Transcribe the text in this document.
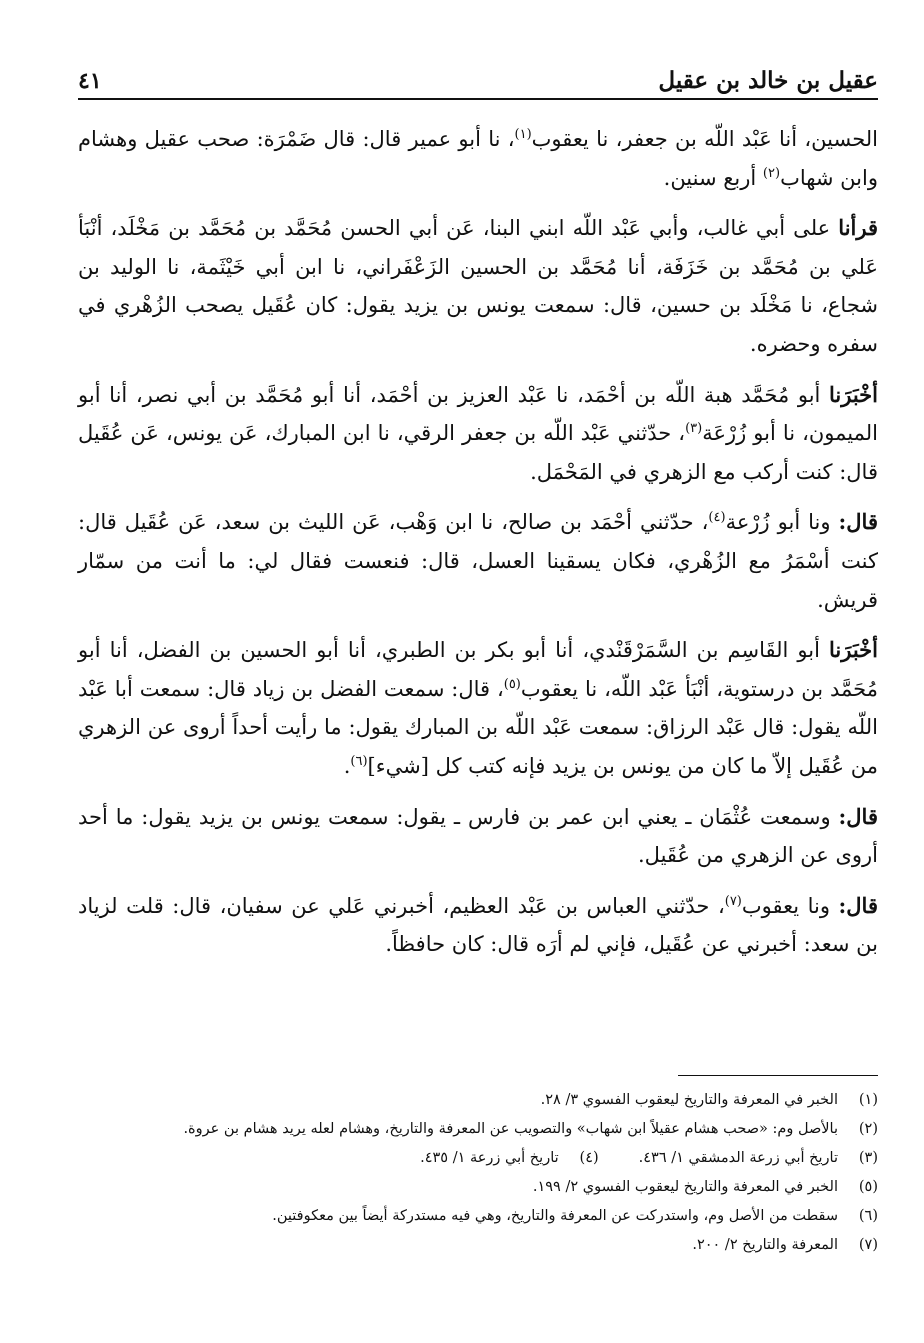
عقيل بن خالد بن عقيل
٤١

الحسين، أنا عَبْد اللّه بن جعفر، نا يعقوب$^{(١)}$، نا أبو عمير قال: قال ضَمْرَة: صحب عقيل وهشام وابن شهاب$^{(٢)}$ أربع سنين.

قرأنا على أبي غالب، وأبي عَبْد اللّه ابني البنا، عَن أبي الحسن مُحَمَّد بن مُحَمَّد بن مَخْلَد، أنْبَأ عَلي بن مُحَمَّد بن خَزَفَة، أنا مُحَمَّد بن الحسين الزَعْفَراني، نا ابن أبي خَيْثَمة، نا الوليد بن شجاع، نا مَخْلَد بن حسين، قال: سمعت يونس بن يزيد يقول: كان عُقَيل يصحب الزُهْري في سفره وحضره.

أخْبَرَنا أبو مُحَمَّد هبة اللّه بن أحْمَد، نا عَبْد العزيز بن أحْمَد، أنا أبو مُحَمَّد بن أبي نصر، أنا أبو الميمون، نا أبو زُرْعَة$^{(٣)}$، حدّثني عَبْد اللّه بن جعفر الرقي، نا ابن المبارك، عَن يونس، عَن عُقَيل قال: كنت أركب مع الزهري في المَحْمَل.

قال: ونا أبو زُرْعة$^{(٤)}$، حدّثني أحْمَد بن صالح، نا ابن وَهْب، عَن الليث بن سعد، عَن عُقَيل قال: كنت أسْمَرُ مع الزُهْري، فكان يسقينا العسل، قال: فنعست فقال لي: ما أنت من سمّار قريش.

أخْبَرَنا أبو القَاسِم بن السَّمَرْقَنْدي، أنا أبو بكر بن الطبري، أنا أبو الحسين بن الفضل، أنا أبو مُحَمَّد بن درستوية، أنْبَأ عَبْد اللّه، نا يعقوب$^{(٥)}$، قال: سمعت الفضل بن زياد قال: سمعت أبا عَبْد اللّه يقول: قال عَبْد الرزاق: سمعت عَبْد اللّه بن المبارك يقول: ما رأيت أحداً أروى عن الزهري من عُقَيل إلاّ ما كان من يونس بن يزيد فإنه كتب كل [شيء]$^{(٦)}$.

قال: وسمعت عُثْمَان ـ يعني ابن عمر بن فارس ـ يقول: سمعت يونس بن يزيد يقول: ما أحد أروى عن الزهري من عُقَيل.

قال: ونا يعقوب$^{(٧)}$، حدّثني العباس بن عَبْد العظيم، أخبرني عَلي عن سفيان، قال: قلت لزياد بن سعد: أخبرني عن عُقَيل، فإني لم أرَه قال: كان حافظاً.

(١)
الخبر في المعرفة والتاريخ ليعقوب الفسوي ٣/ ٢٨.
(٢)
بالأصل وم: «صحب هشام عقيلاً ابن شهاب» والتصويب عن المعرفة والتاريخ، وهشام لعله يريد هشام بن عروة.
(٣)
تاريخ أبي زرعة الدمشقي ١/ ٤٣٦.
(٤)
تاريخ أبي زرعة ١/ ٤٣٥.
(٥)
الخبر في المعرفة والتاريخ ليعقوب الفسوي ٢/ ١٩٩.
(٦)
سقطت من الأصل وم، واستدركت عن المعرفة والتاريخ، وهي فيه مستدركة أيضاً بين معكوفتين.
(٧)
المعرفة والتاريخ ٢/ ٢٠٠.
